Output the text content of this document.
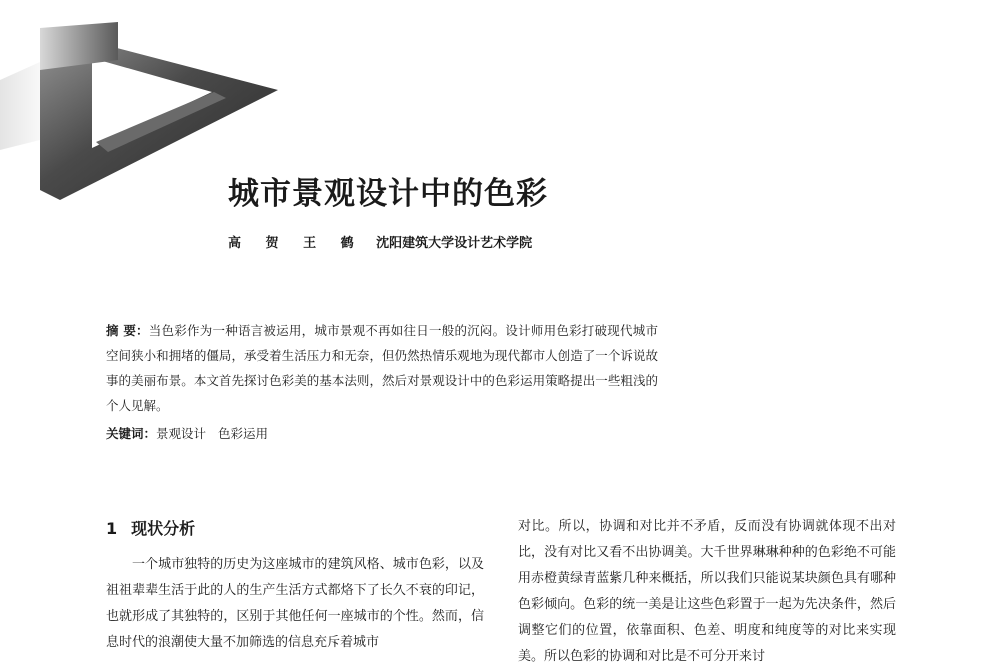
城市景观设计中的色彩
高 贺 王 鹤 沈阳建筑大学设计艺术学院

摘 要：当色彩作为一种语言被运用，城市景观不再如往日一般的沉闷。设计师用色彩打破现代城市空间狭小和拥堵的僵局，承受着生活压力和无奈，但仍然热情乐观地为现代都市人创造了一个诉说故事的美丽布景。本文首先探讨色彩美的基本法则，然后对景观设计中的色彩运用策略提出一些粗浅的个人见解。

关键词：景观设计 色彩运用
1 现状分析

一个城市独特的历史为这座城市的建筑风格、城市色彩，以及祖祖辈辈生活于此的人的生产生活方式都烙下了长久不衰的印记，也就形成了其独特的，区别于其他任何一座城市的个性。然而，信息时代的浪潮使大量不加筛选的信息充斥着城市

对比。所以，协调和对比并不矛盾，反而没有协调就体现不出对比，没有对比又看不出协调美。大千世界琳琳种种的色彩绝不可能用赤橙黄绿青蓝紫几种来概括，所以我们只能说某块颜色具有哪种色彩倾向。色彩的统一美是让这些色彩置于一起为先决条件，然后调整它们的位置，依靠面积、色差、明度和纯度等的对比来实现美。所以色彩的协调和对比是不可分开来讨
